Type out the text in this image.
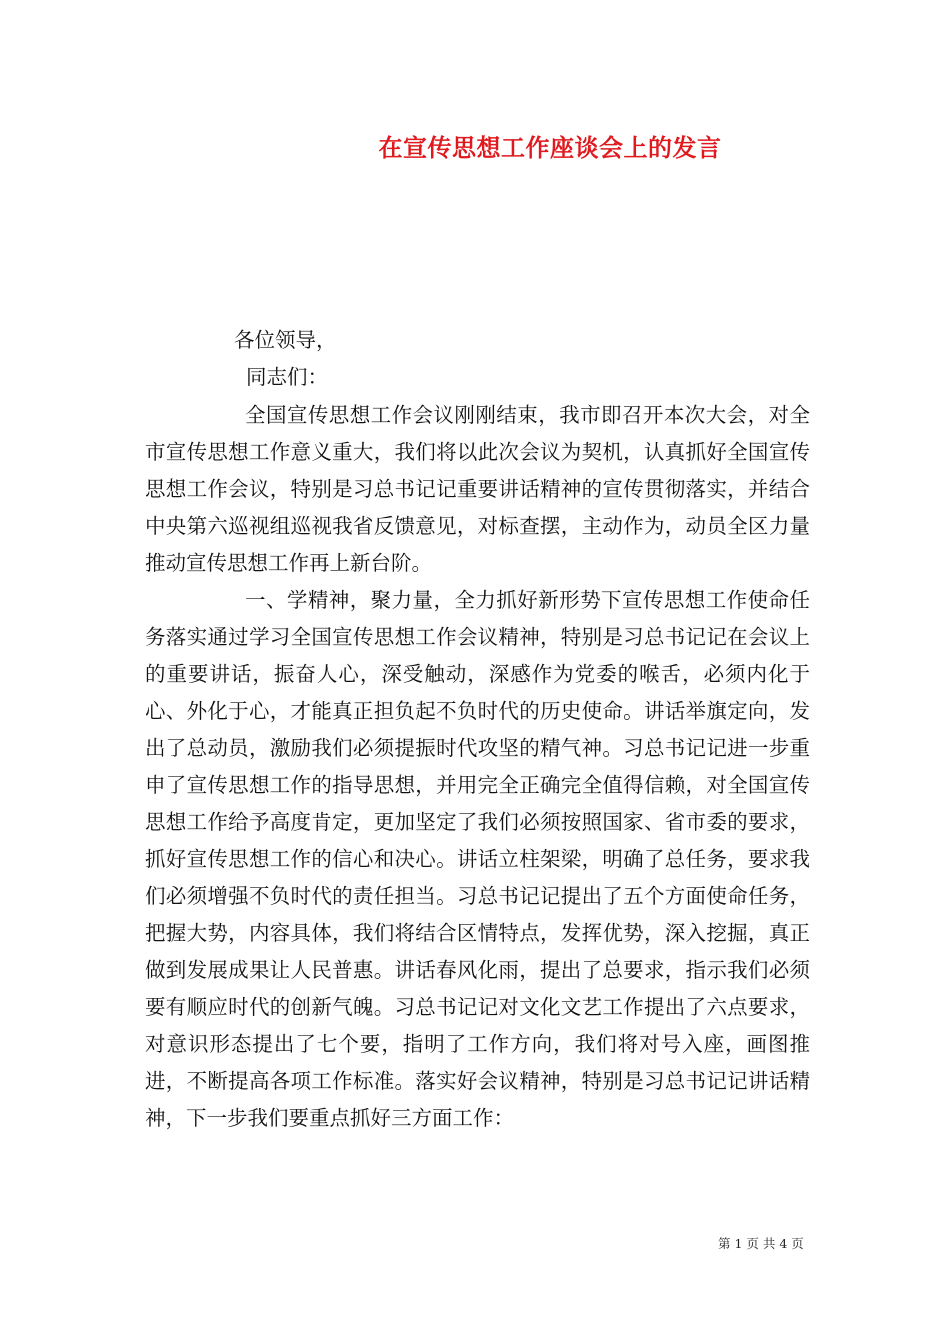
在宣传思想工作座谈会上的发言
各位领导，
同志们：
全国宣传思想工作会议刚刚结束，我市即召开本次大会，对全市宣传思想工作意义重大，我们将以此次会议为契机，认真抓好全国宣传思想工作会议，特别是习总书记记重要讲话精神的宣传贯彻落实，并结合中央第六巡视组巡视我省反馈意见，对标查摆，主动作为，动员全区力量推动宣传思想工作再上新台阶。
一、学精神，聚力量，全力抓好新形势下宣传思想工作使命任务落实通过学习全国宣传思想工作会议精神，特别是习总书记记在会议上的重要讲话，振奋人心，深受触动，深感作为党委的喉舌，必须内化于心、外化于心，才能真正担负起不负时代的历史使命。讲话举旗定向，发出了总动员，激励我们必须提振时代攻坚的精气神。习总书记记进一步重申了宣传思想工作的指导思想，并用完全正确完全值得信赖，对全国宣传思想工作给予高度肯定，更加坚定了我们必须按照国家、省市委的要求，抓好宣传思想工作的信心和决心。讲话立柱架梁，明确了总任务，要求我们必须增强不负时代的责任担当。习总书记记提出了五个方面使命任务，把握大势，内容具体，我们将结合区情特点，发挥优势，深入挖掘，真正做到发展成果让人民普惠。讲话春风化雨，提出了总要求，指示我们必须要有顺应时代的创新气魄。习总书记记对文化文艺工作提出了六点要求，对意识形态提出了七个要，指明了工作方向，我们将对号入座，画图推进，不断提高各项工作标准。落实好会议精神，特别是习总书记记讲话精神，下一步我们要重点抓好三方面工作：
第 1 页 共 4 页
